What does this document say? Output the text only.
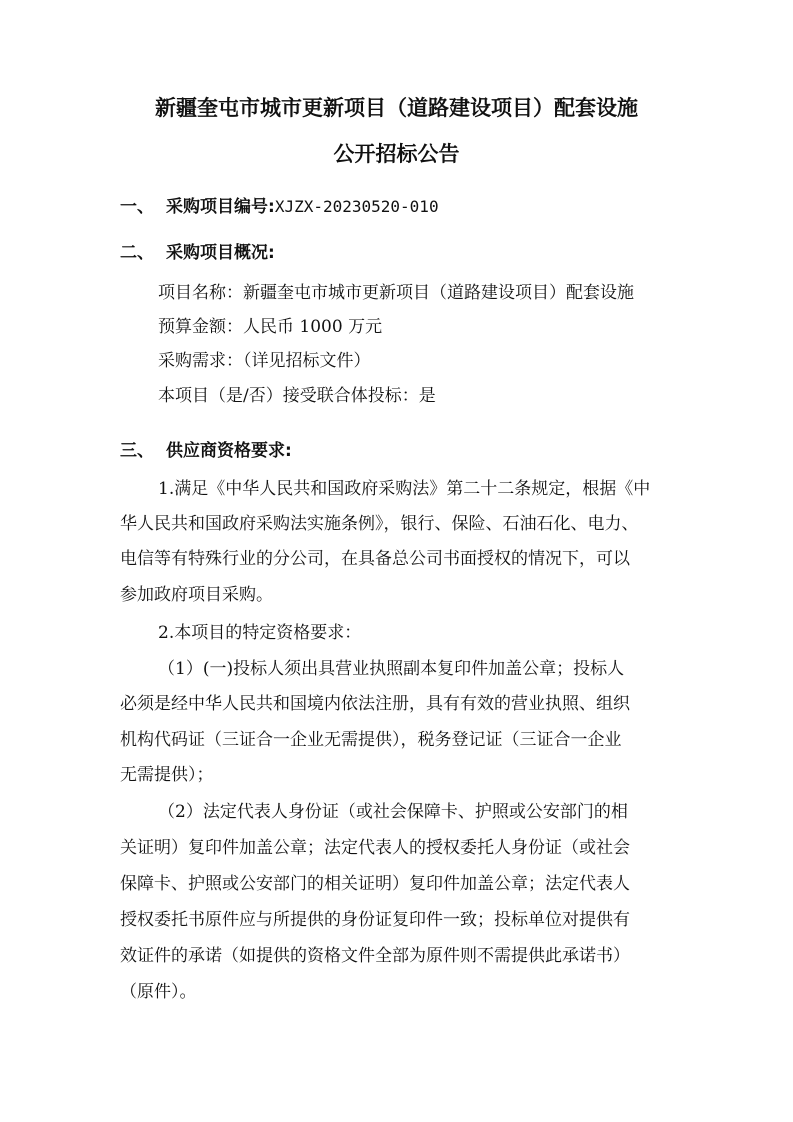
新疆奎屯市城市更新项目（道路建设项目）配套设施
公开招标公告
一、 采购项目编号:XJZX-20230520-010
二、 采购项目概况:
项目名称：新疆奎屯市城市更新项目（道路建设项目）配套设施
预算金额：人民币 1000 万元
采购需求：（详见招标文件）
本项目（是/否）接受联合体投标：是
三、 供应商资格要求:
1.满足《中华人民共和国政府采购法》第二十二条规定，根据《中
华人民共和国政府采购法实施条例》，银行、保险、石油石化、电力、
电信等有特殊行业的分公司，在具备总公司书面授权的情况下，可以
参加政府项目采购。
2.本项目的特定资格要求：
（1）(一)投标人须出具营业执照副本复印件加盖公章；投标人
必须是经中华人民共和国境内依法注册，具有有效的营业执照、组织
机构代码证（三证合一企业无需提供），税务登记证（三证合一企业
无需提供）；
（2）法定代表人身份证（或社会保障卡、护照或公安部门的相
关证明）复印件加盖公章；法定代表人的授权委托人身份证（或社会
保障卡、护照或公安部门的相关证明）复印件加盖公章；法定代表人
授权委托书原件应与所提供的身份证复印件一致；投标单位对提供有
效证件的承诺（如提供的资格文件全部为原件则不需提供此承诺书）
（原件）。
